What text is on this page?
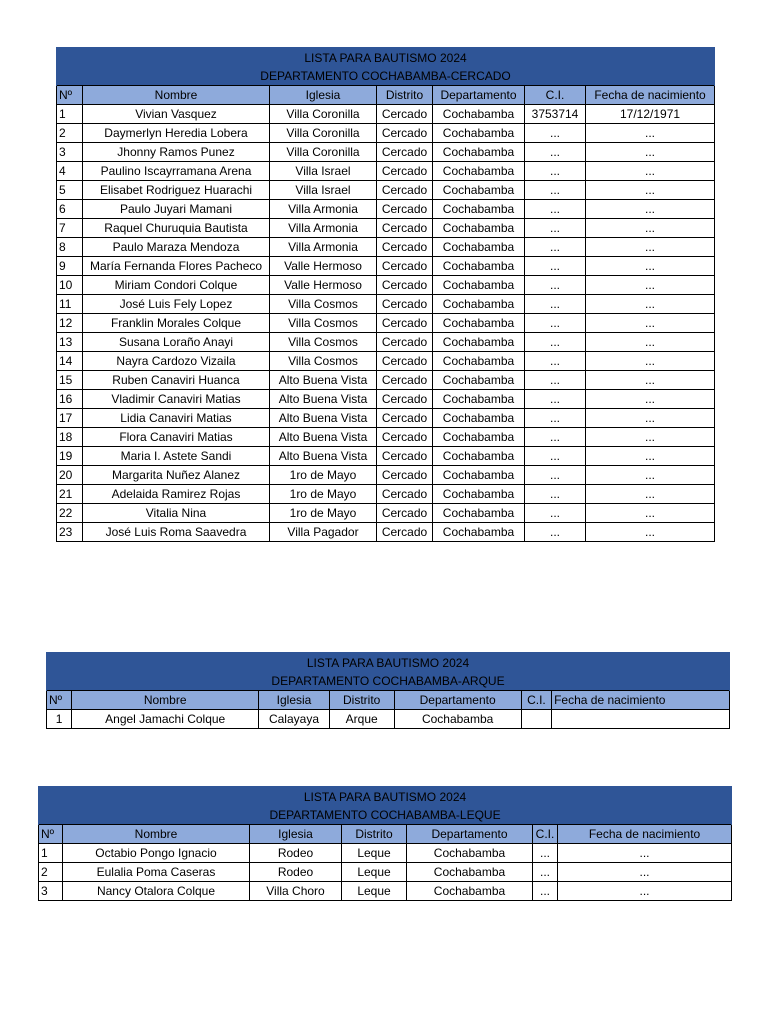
LISTA PARA BAUTISMO 2024						
DEPARTAMENTO COCHABAMBA-CERCADO						
Nº	Nombre	Iglesia	Distrito	Departamento	C.I.	Fecha de nacimiento
1	Vivian Vasquez	Villa Coronilla	Cercado	Cochabamba	3753714	17/12/1971
2	Daymerlyn Heredia Lobera	Villa Coronilla	Cercado	Cochabamba	...	...
3	Jhonny Ramos Punez	Villa Coronilla	Cercado	Cochabamba	...	...
4	Paulino Iscayrramana Arena	Villa Israel	Cercado	Cochabamba	...	...
5	Elisabet Rodriguez Huarachi	Villa Israel	Cercado	Cochabamba	...	...
6	Paulo Juyari Mamani	Villa Armonia	Cercado	Cochabamba	...	...
7	Raquel Churuquia Bautista	Villa Armonia	Cercado	Cochabamba	...	...
8	Paulo Maraza Mendoza	Villa Armonia	Cercado	Cochabamba	...	...
9	María Fernanda Flores Pacheco	Valle Hermoso	Cercado	Cochabamba	...	...
10	Miriam Condori Colque	Valle Hermoso	Cercado	Cochabamba	...	...
11	José Luis Fely Lopez	Villa Cosmos	Cercado	Cochabamba	...	...
12	Franklin Morales Colque	Villa Cosmos	Cercado	Cochabamba	...	...
13	Susana Loraño Anayi	Villa Cosmos	Cercado	Cochabamba	...	...
14	Nayra Cardozo Vizaila	Villa Cosmos	Cercado	Cochabamba	...	...
15	Ruben Canaviri Huanca	Alto Buena Vista	Cercado	Cochabamba	...	...
16	Vladimir Canaviri Matias	Alto Buena Vista	Cercado	Cochabamba	...	...
17	Lidia Canaviri Matias	Alto Buena Vista	Cercado	Cochabamba	...	...
18	Flora Canaviri Matias	Alto Buena Vista	Cercado	Cochabamba	...	...
19	Maria I. Astete Sandi	Alto Buena Vista	Cercado	Cochabamba	...	...
20	Margarita Nuñez Alanez	1ro de Mayo	Cercado	Cochabamba	...	...
21	Adelaida Ramirez Rojas	1ro de Mayo	Cercado	Cochabamba	...	...
22	Vitalia Nina	1ro de Mayo	Cercado	Cochabamba	...	...
23	José Luis Roma Saavedra	Villa Pagador	Cercado	Cochabamba	...	...
LISTA PARA BAUTISMO 2024						
DEPARTAMENTO COCHABAMBA-ARQUE						
Nº	Nombre	Iglesia	Distrito	Departamento	C.I.	Fecha de nacimiento
1	Angel Jamachi Colque	Calayaya	Arque	Cochabamba		
LISTA PARA BAUTISMO 2024						
DEPARTAMENTO COCHABAMBA-LEQUE						
Nº	Nombre	Iglesia	Distrito	Departamento	C.I.	Fecha de nacimiento
1	Octabio Pongo Ignacio	Rodeo	Leque	Cochabamba	...	...
2	Eulalia Poma Caseras	Rodeo	Leque	Cochabamba	...	...
3	Nancy Otalora Colque	Villa Choro	Leque	Cochabamba	...	...
